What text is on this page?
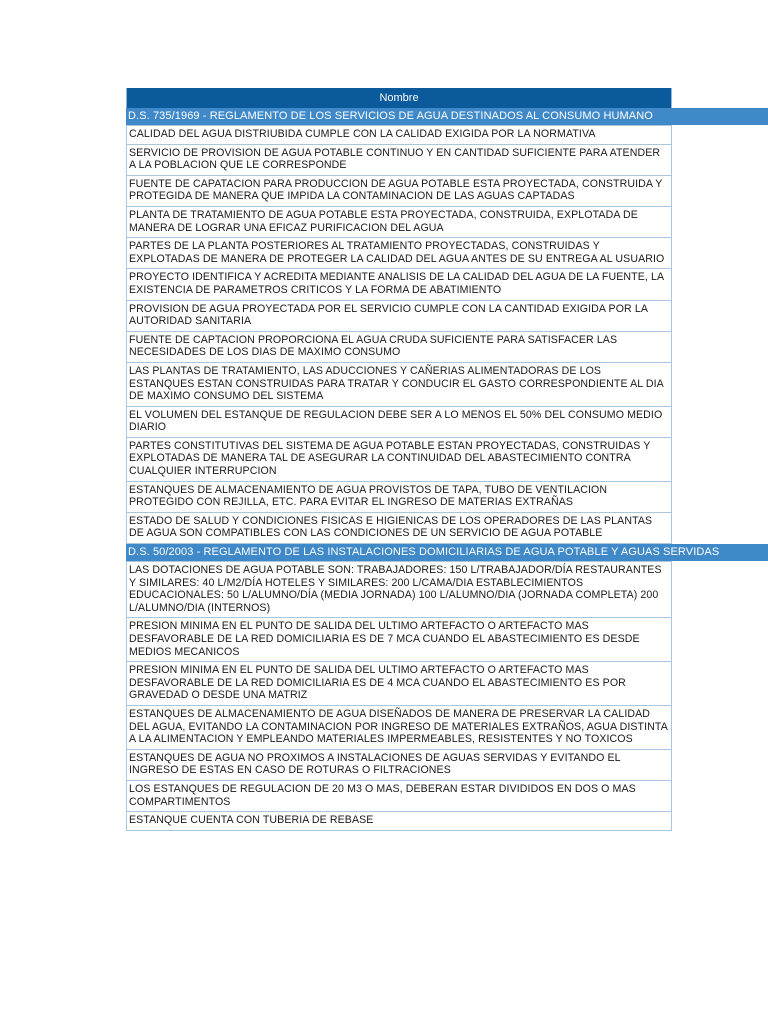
Nombre
D.S. 735/1969 - REGLAMENTO DE LOS SERVICIOS DE AGUA DESTINADOS AL CONSUMO HUMANO
CALIDAD DEL AGUA DISTRIUBIDA CUMPLE CON LA CALIDAD EXIGIDA POR LA NORMATIVA
SERVICIO DE PROVISION DE AGUA POTABLE CONTINUO Y EN CANTIDAD SUFICIENTE PARA ATENDER A LA POBLACION QUE LE CORRESPONDE
FUENTE DE CAPATACION PARA PRODUCCION DE AGUA POTABLE ESTA PROYECTADA, CONSTRUIDA Y PROTEGIDA DE MANERA QUE IMPIDA LA CONTAMINACION DE LAS AGUAS CAPTADAS
PLANTA DE TRATAMIENTO DE AGUA POTABLE ESTA PROYECTADA, CONSTRUIDA, EXPLOTADA DE MANERA DE LOGRAR UNA EFICAZ PURIFICACION DEL AGUA
PARTES DE LA PLANTA POSTERIORES AL TRATAMIENTO PROYECTADAS, CONSTRUIDAS Y EXPLOTADAS DE MANERA DE PROTEGER LA CALIDAD DEL AGUA ANTES DE SU ENTREGA AL USUARIO
PROYECTO IDENTIFICA Y ACREDITA MEDIANTE ANALISIS DE LA CALIDAD DEL AGUA DE LA FUENTE, LA EXISTENCIA DE PARAMETROS CRITICOS Y LA FORMA DE ABATIMIENTO
PROVISION DE AGUA PROYECTADA POR EL SERVICIO CUMPLE CON LA CANTIDAD EXIGIDA POR LA AUTORIDAD SANITARIA
FUENTE DE CAPTACION PROPORCIONA EL AGUA CRUDA SUFICIENTE PARA SATISFACER LAS NECESIDADES DE LOS DIAS DE MAXIMO CONSUMO
LAS PLANTAS DE TRATAMIENTO, LAS ADUCCIONES Y CAÑERIAS ALIMENTADORAS DE LOS ESTANQUES ESTAN CONSTRUIDAS PARA TRATAR Y CONDUCIR EL GASTO CORRESPONDIENTE AL DIA DE MAXIMO CONSUMO DEL SISTEMA
EL VOLUMEN DEL ESTANQUE DE REGULACION DEBE SER A LO MENOS EL 50% DEL CONSUMO MEDIO DIARIO
PARTES CONSTITUTIVAS DEL SISTEMA DE AGUA POTABLE ESTAN PROYECTADAS, CONSTRUIDAS Y EXPLOTADAS DE MANERA TAL DE ASEGURAR LA CONTINUIDAD DEL ABASTECIMIENTO CONTRA CUALQUIER INTERRUPCION
ESTANQUES DE ALMACENAMIENTO DE AGUA PROVISTOS DE TAPA, TUBO DE VENTILACION PROTEGIDO CON REJILLA, ETC. PARA EVITAR EL INGRESO DE MATERIAS EXTRAÑAS
ESTADO DE SALUD Y CONDICIONES FISICAS E HIGIENICAS DE LOS OPERADORES DE LAS PLANTAS DE AGUA SON COMPATIBLES CON LAS CONDICIONES DE UN SERVICIO DE AGUA POTABLE
D.S. 50/2003 - REGLAMENTO DE LAS INSTALACIONES DOMICILIARIAS DE AGUA POTABLE Y AGUAS SERVIDAS
LAS DOTACIONES DE AGUA POTABLE SON: TRABAJADORES: 150 L/TRABAJADOR/DÍA RESTAURANTES Y SIMILARES: 40 L/M2/DÍA HOTELES Y SIMILARES: 200 L/CAMA/DIA ESTABLECIMIENTOS EDUCACIONALES: 50 L/ALUMNO/DÍA (MEDIA JORNADA) 100 L/ALUMNO/DIA (JORNADA COMPLETA) 200 L/ALUMNO/DIA (INTERNOS)
PRESION MINIMA EN EL PUNTO DE SALIDA DEL ULTIMO ARTEFACTO O ARTEFACTO MAS DESFAVORABLE DE LA RED DOMICILIARIA ES DE 7 MCA CUANDO EL ABASTECIMIENTO ES DESDE MEDIOS MECANICOS
PRESION MINIMA EN EL PUNTO DE SALIDA DEL ULTIMO ARTEFACTO O ARTEFACTO MAS DESFAVORABLE DE LA RED DOMICILIARIA ES DE 4 MCA CUANDO EL ABASTECIMIENTO ES POR GRAVEDAD O DESDE UNA MATRIZ
ESTANQUES DE ALMACENAMIENTO DE AGUA DISEÑADOS DE MANERA DE PRESERVAR LA CALIDAD DEL AGUA, EVITANDO LA CONTAMINACION POR INGRESO DE MATERIALES EXTRAÑOS, AGUA DISTINTA A LA ALIMENTACION Y EMPLEANDO MATERIALES IMPERMEABLES, RESISTENTES Y NO TOXICOS
ESTANQUES DE AGUA NO PROXIMOS A INSTALACIONES DE AGUAS SERVIDAS Y EVITANDO EL INGRESO DE ESTAS EN CASO DE ROTURAS O FILTRACIONES
LOS ESTANQUES DE REGULACION DE 20 M3 O MAS, DEBERAN ESTAR DIVIDIDOS EN DOS O MAS COMPARTIMENTOS
ESTANQUE CUENTA CON TUBERIA DE REBASE
